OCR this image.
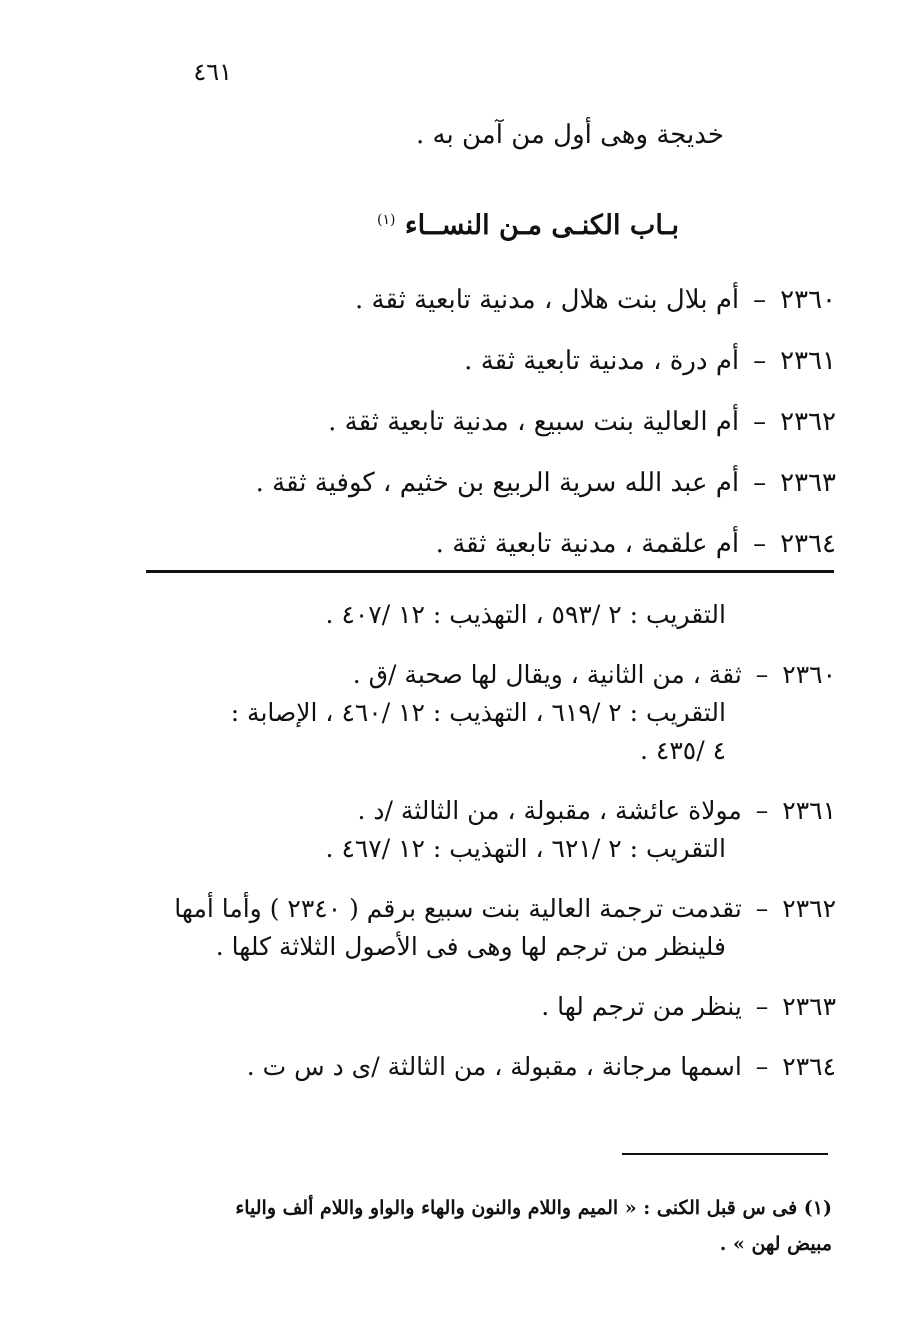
٤٦١
خديجة وهى أول من آمن به .
بـاب الكنـى مـن النســاء $^{(١)}$
٢٣٦٠–أم بلال بنت هلال ، مدنية تابعية ثقة .
٢٣٦١–أم درة ، مدنية تابعية ثقة .
٢٣٦٢–أم العالية بنت سبيع ، مدنية تابعية ثقة .
٢٣٦٣–أم عبد الله سرية الربيع بن خثيم ، كوفية ثقة .
٢٣٦٤–أم علقمة ، مدنية تابعية ثقة .
التقريب : ٢ /٥٩٣ ، التهذيب : ١٢ /٤٠٧ .
٢٣٦٠–ثقة ، من الثانية ، ويقال لها صحبة /ق .
التقريب : ٢ /٦١٩ ، التهذيب : ١٢ /٤٦٠ ، الإصابة :
٤ /٤٣٥ .
٢٣٦١–مولاة عائشة ، مقبولة ، من الثالثة /د .
التقريب : ٢ /٦٢١ ، التهذيب : ١٢ /٤٦٧ .
٢٣٦٢–تقدمت ترجمة العالية بنت سبيع برقم ( ٢٣٤٠ ) وأما أمها
فلينظر من ترجم لها وهى فى الأصول الثلاثة كلها .
٢٣٦٣–ينظر من ترجم لها .
٢٣٦٤–اسمها مرجانة ، مقبولة ، من الثالثة /ى د س ت .
(١) فى س قبل الكنى : « الميم واللام والنون والهاء والواو واللام ألف والياء
مبيض لهن » .
